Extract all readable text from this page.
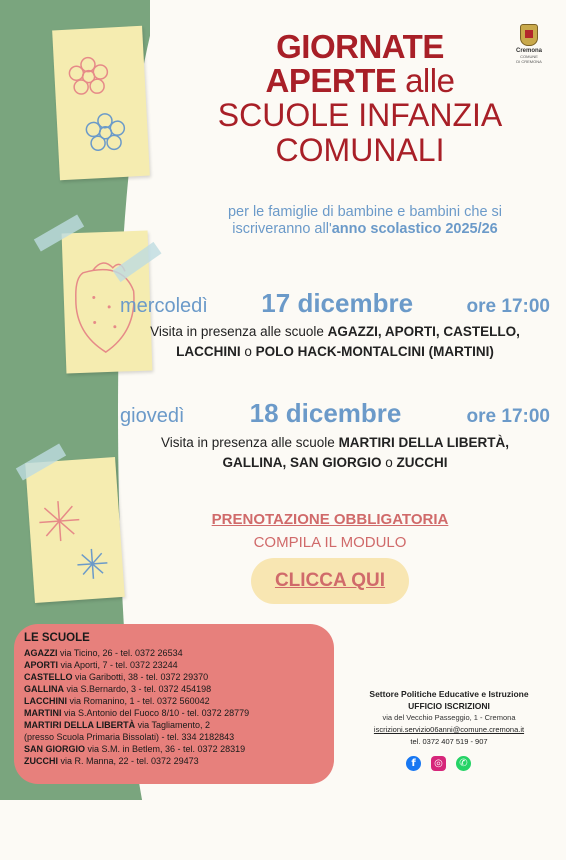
Cremona
COMUNE
DI CREMONA
GIORNATE
APERTE alle
SCUOLE INFANZIA
COMUNALI
per le famiglie di bambine e bambini che si
iscriveranno all'anno scolastico 2025/26
mercoledì 17 dicembre	ore 17:00
Visita in presenza alle scuole AGAZZI, APORTI, CASTELLO,
LACCHINI o POLO HACK-MONTALCINI (MARTINI)
giovedì	18 dicembre	ore 17:00
Visita in presenza alle scuole MARTIRI DELLA LIBERTÀ,
GALLINA, SAN GIORGIO o ZUCCHI
PRENOTAZIONE OBBLIGATORIA
COMPILA IL MODULO
CLICCA QUI
LE SCUOLE
AGAZZI via Ticino, 26 - tel. 0372 26534
APORTI via Aporti, 7 - tel. 0372 23244
CASTELLO via Garibotti, 38 - tel. 0372 29370
GALLINA via S.Bernardo, 3 - tel. 0372 454198
LACCHINI via Romanino, 1 - tel. 0372 560042
MARTINI via S.Antonio del Fuoco 8/10 - tel. 0372 28779
MARTIRI DELLA LIBERTÀ via Tagliamento, 2
(presso Scuola Primaria Bissolati) - tel. 334 2182843
SAN GIORGIO via S.M. in Betlem, 36 - tel. 0372 28319
ZUCCHI via R. Manna, 22 - tel. 0372 29473
Settore Politiche Educative e Istruzione
UFFICIO ISCRIZIONI
via del Vecchio Passeggio, 1 - Cremona
iscrizioni.servizio06anni@comune.cremona.it
tel. 0372 407 519 - 907
f	◎	✆
